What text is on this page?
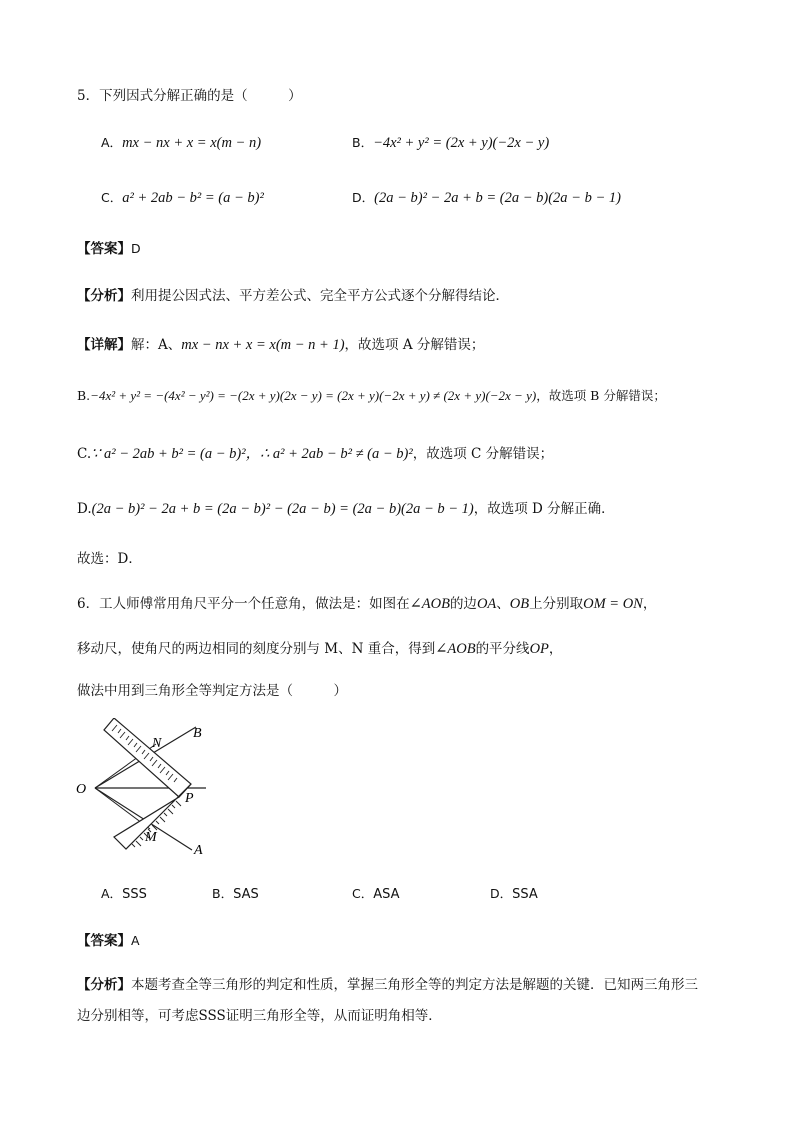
5．下列因式分解正确的是（　　　）
A．mx − nx + x = x(m − n)	B．−4x² + y² = (2x + y)(−2x − y)
C．a² + 2ab − b² = (a − b)²	D．(2a − b)² − 2a + b = (2a − b)(2a − b − 1)
【答案】D
【分析】利用提公因式法、平方差公式、完全平方公式逐个分解得结论．
【详解】解：A、mx − nx + x = x(m − n + 1)，故选项 A 分解错误；
B.−4x² + y² = −(4x² − y²) = −(2x + y)(2x − y) = (2x + y)(−2x + y) ≠ (2x + y)(−2x − y)，故选项 B 分解错误；
C.∵ a² − 2ab + b² = (a − b)²，∴ a² + 2ab − b² ≠ (a − b)²，故选项 C 分解错误；
D.(2a − b)² − 2a + b = (2a − b)² − (2a − b) = (2a − b)(2a − b − 1)，故选项 D 分解正确．
故选：D．
6．工人师傅常用角尺平分一个任意角，做法是：如图在∠AOB的边OA、OB上分别取OM = ON，
移动尺，使角尺的两边相同的刻度分别与 M、N 重合，得到∠AOB的平分线OP，
做法中用到三角形全等判定方法是（　　　）
O
N
B
P
M
A
A．SSS	B．SAS	C．ASA	D．SSA
【答案】A
【分析】本题考查全等三角形的判定和性质，掌握三角形全等的判定方法是解题的关键．已知两三角形三
边分别相等，可考虑SSS证明三角形全等，从而证明角相等．
